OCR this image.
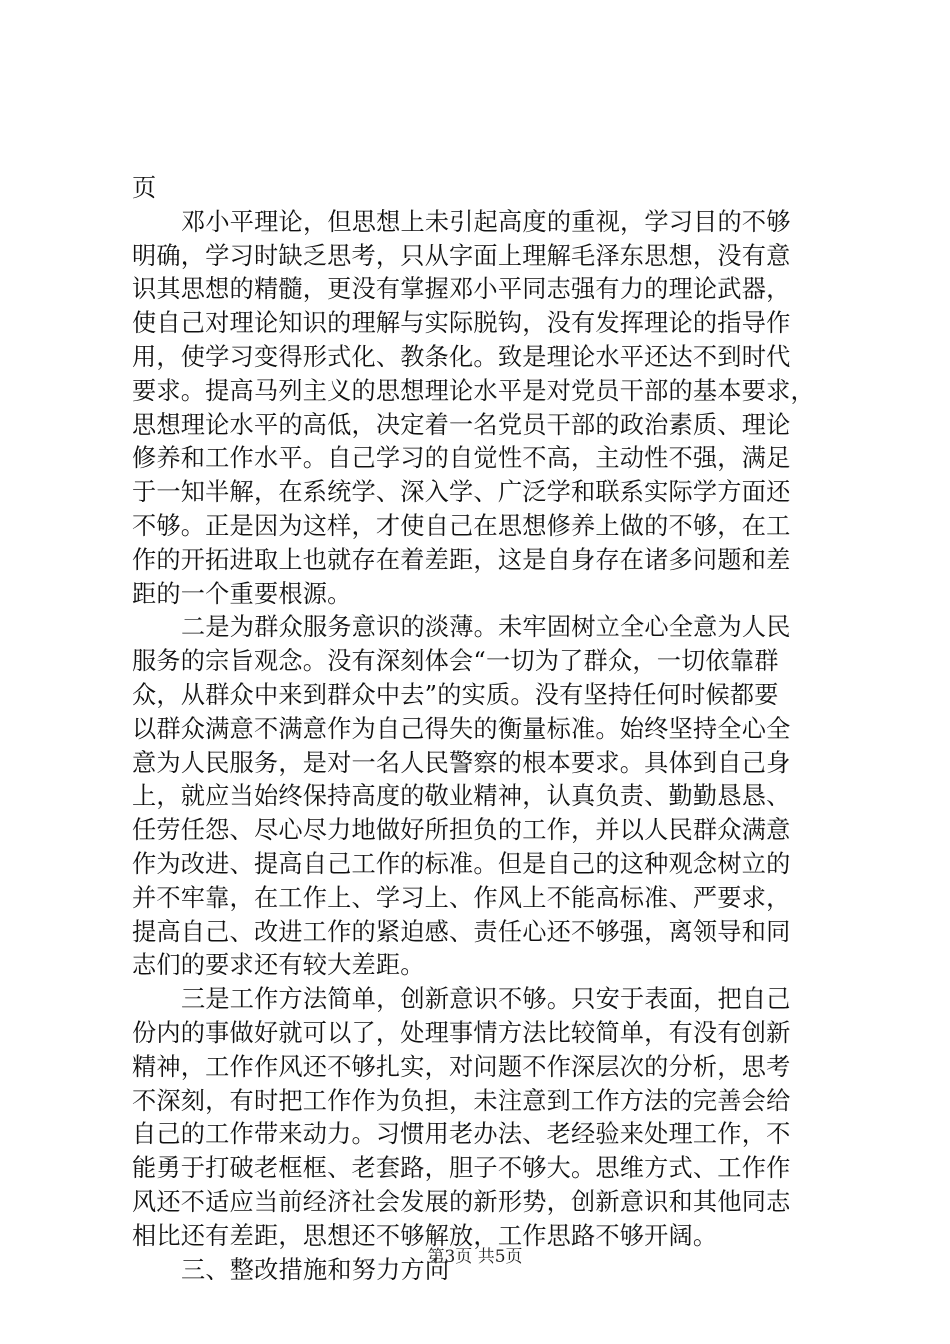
页
邓小平理论，但思想上未引起高度的重视，学习目的不够
明确，学习时缺乏思考，只从字面上理解毛泽东思想，没有意
识其思想的精髓，更没有掌握邓小平同志强有力的理论武器，
使自己对理论知识的理解与实际脱钩，没有发挥理论的指导作
用，使学习变得形式化、教条化。致是理论水平还达不到时代
要求。提高马列主义的思想理论水平是对党员干部的基本要求，
思想理论水平的高低，决定着一名党员干部的政治素质、理论
修养和工作水平。自己学习的自觉性不高，主动性不强，满足
于一知半解，在系统学、深入学、广泛学和联系实际学方面还
不够。正是因为这样，才使自己在思想修养上做的不够，在工
作的开拓进取上也就存在着差距，这是自身存在诸多问题和差
距的一个重要根源。
二是为群众服务意识的淡薄。未牢固树立全心全意为人民
服务的宗旨观念。没有深刻体会“一切为了群众，一切依靠群
众，从群众中来到群众中去”的实质。没有坚持任何时候都要
以群众满意不满意作为自己得失的衡量标准。始终坚持全心全
意为人民服务，是对一名人民警察的根本要求。具体到自己身
上，就应当始终保持高度的敬业精神，认真负责、勤勤恳恳、
任劳任怨、尽心尽力地做好所担负的工作，并以人民群众满意
作为改进、提高自己工作的标准。但是自己的这种观念树立的
并不牢靠，在工作上、学习上、作风上不能高标准、严要求，
提高自己、改进工作的紧迫感、责任心还不够强，离领导和同
志们的要求还有较大差距。
三是工作方法简单，创新意识不够。只安于表面，把自己
份内的事做好就可以了，处理事情方法比较简单，有没有创新
精神，工作作风还不够扎实，对问题不作深层次的分析，思考
不深刻，有时把工作作为负担，未注意到工作方法的完善会给
自己的工作带来动力。习惯用老办法、老经验来处理工作，不
能勇于打破老框框、老套路，胆子不够大。思维方式、工作作
风还不适应当前经济社会发展的新形势，创新意识和其他同志
相比还有差距，思想还不够解放，工作思路不够开阔。
三、整改措施和努力方向
第3页 共5页
